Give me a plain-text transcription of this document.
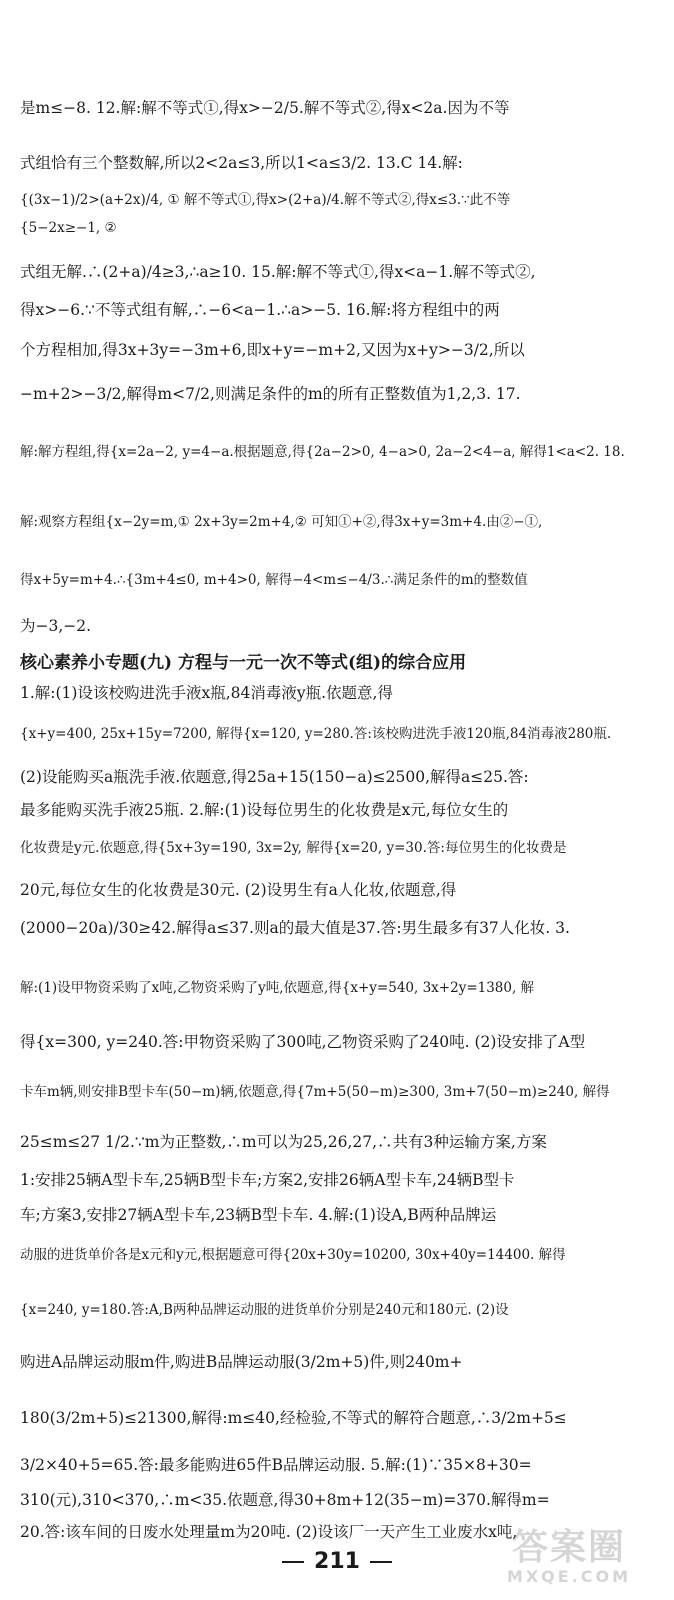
是m≤−8. 12.解:解不等式①,得x>−2/5.解不等式②,得x<2a.因为不等
式组恰有三个整数解,所以2<2a≤3,所以1<a≤3/2. 13.C 14.解:
{(3x−1)/2>(a+2x)/4, ① 解不等式①,得x>(2+a)/4.解不等式②,得x≤3.∵此不等
{5−2x≥−1, ②
式组无解.∴(2+a)/4≥3,∴a≥10. 15.解:解不等式①,得x<a−1.解不等式②,
得x>−6.∵不等式组有解,∴−6<a−1.∴a>−5. 16.解:将方程组中的两
个方程相加,得3x+3y=−3m+6,即x+y=−m+2,又因为x+y>−3/2,所以
−m+2>−3/2,解得m<7/2,则满足条件的m的所有正整数值为1,2,3. 17.
解:解方程组,得{x=2a−2, y=4−a.根据题意,得{2a−2>0, 4−a>0, 2a−2<4−a, 解得1<a<2. 18.
解:观察方程组{x−2y=m,① 2x+3y=2m+4,② 可知①+②,得3x+y=3m+4.由②−①,
得x+5y=m+4.∴{3m+4≤0, m+4>0, 解得−4<m≤−4/3.∴满足条件的m的整数值
为−3,−2.
核心素养小专题(九) 方程与一元一次不等式(组)的综合应用
1.解:(1)设该校购进洗手液x瓶,84消毒液y瓶.依题意,得
{x+y=400, 25x+15y=7200, 解得{x=120, y=280.答:该校购进洗手液120瓶,84消毒液280瓶.
(2)设能购买a瓶洗手液.依题意,得25a+15(150−a)≤2500,解得a≤25.答:
最多能购买洗手液25瓶. 2.解:(1)设每位男生的化妆费是x元,每位女生的
化妆费是y元.依题意,得{5x+3y=190, 3x=2y, 解得{x=20, y=30.答:每位男生的化妆费是
20元,每位女生的化妆费是30元. (2)设男生有a人化妆,依题意,得
(2000−20a)/30≥42.解得a≤37.则a的最大值是37.答:男生最多有37人化妆. 3.
解:(1)设甲物资采购了x吨,乙物资采购了y吨,依题意,得{x+y=540, 3x+2y=1380, 解
得{x=300, y=240.答:甲物资采购了300吨,乙物资采购了240吨. (2)设安排了A型
卡车m辆,则安排B型卡车(50−m)辆,依题意,得{7m+5(50−m)≥300, 3m+7(50−m)≥240, 解得
25≤m≤27 1/2.∵m为正整数,∴m可以为25,26,27,∴共有3种运输方案,方案
1:安排25辆A型卡车,25辆B型卡车;方案2,安排26辆A型卡车,24辆B型卡
车;方案3,安排27辆A型卡车,23辆B型卡车. 4.解:(1)设A,B两种品牌运
动服的进货单价各是x元和y元,根据题意可得{20x+30y=10200, 30x+40y=14400. 解得
{x=240, y=180.答:A,B两种品牌运动服的进货单价分别是240元和180元. (2)设
购进A品牌运动服m件,购进B品牌运动服(3/2m+5)件,则240m+
180(3/2m+5)≤21300,解得:m≤40,经检验,不等式的解符合题意,∴3/2m+5≤
3/2×40+5=65.答:最多能购进65件B品牌运动服. 5.解:(1)∵35×8+30=
310(元),310<370,∴m<35.依题意,得30+8m+12(35−m)=370.解得m=
20.答:该车间的日废水处理量m为20吨. (2)设该厂一天产生工业废水x吨,
211	答案圈
MXQE.COM
